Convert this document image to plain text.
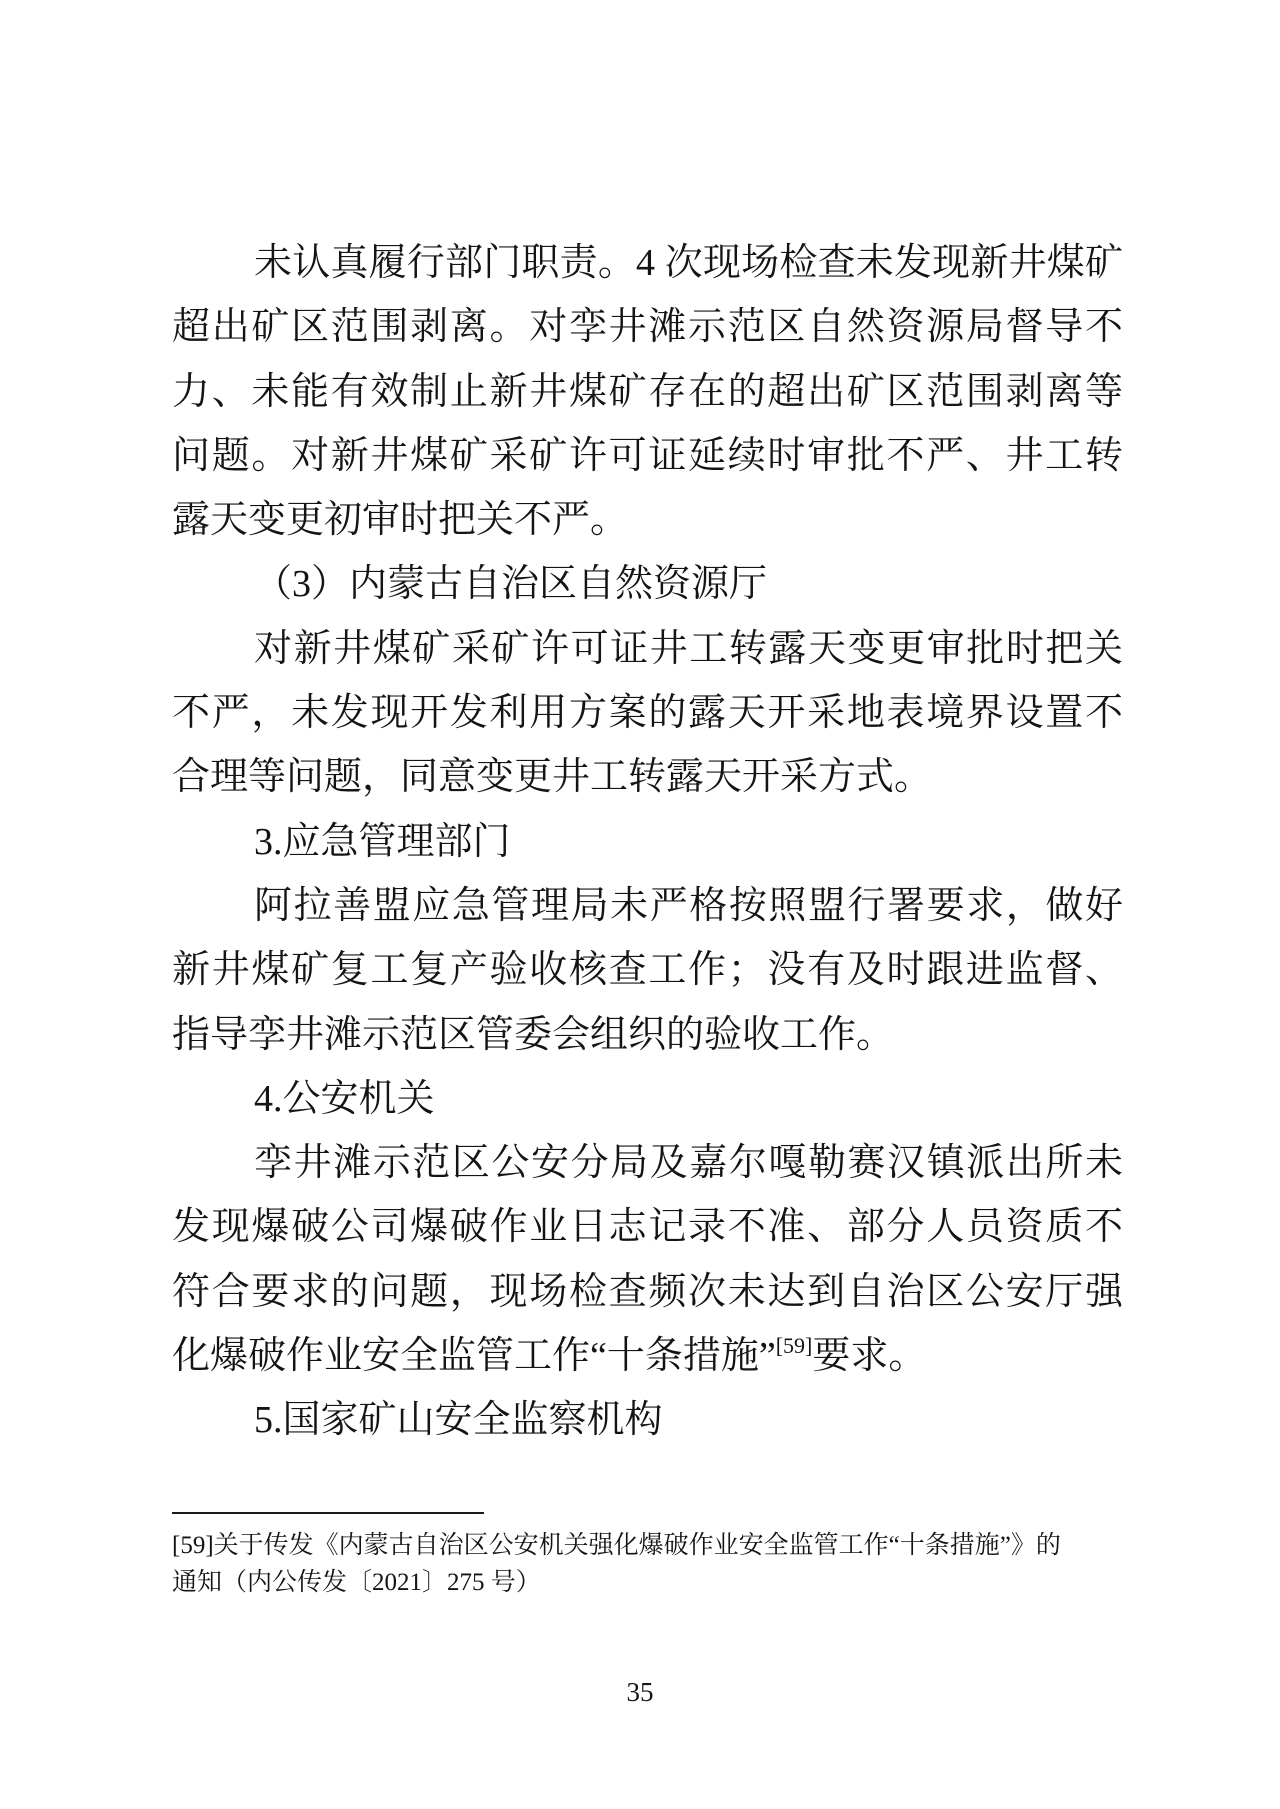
未认真履行部门职责。4 次现场检查未发现新井煤矿
超出矿区范围剥离。对孪井滩示范区自然资源局督导不
力、未能有效制止新井煤矿存在的超出矿区范围剥离等
问题。对新井煤矿采矿许可证延续时审批不严、井工转
露天变更初审时把关不严。
（3）内蒙古自治区自然资源厅
对新井煤矿采矿许可证井工转露天变更审批时把关
不严，未发现开发利用方案的露天开采地表境界设置不
合理等问题，同意变更井工转露天开采方式。
3.应急管理部门
阿拉善盟应急管理局未严格按照盟行署要求，做好
新井煤矿复工复产验收核查工作；没有及时跟进监督、
指导孪井滩示范区管委会组织的验收工作。
4.公安机关
孪井滩示范区公安分局及嘉尔嘎勒赛汉镇派出所未
发现爆破公司爆破作业日志记录不准、部分人员资质不
符合要求的问题，现场检查频次未达到自治区公安厅强
化爆破作业安全监管工作“十条措施”[59]要求。
5.国家矿山安全监察机构
[59]关于传发《内蒙古自治区公安机关强化爆破作业安全监管工作“十条措施”》的
通知（内公传发〔2021〕275 号）
35
